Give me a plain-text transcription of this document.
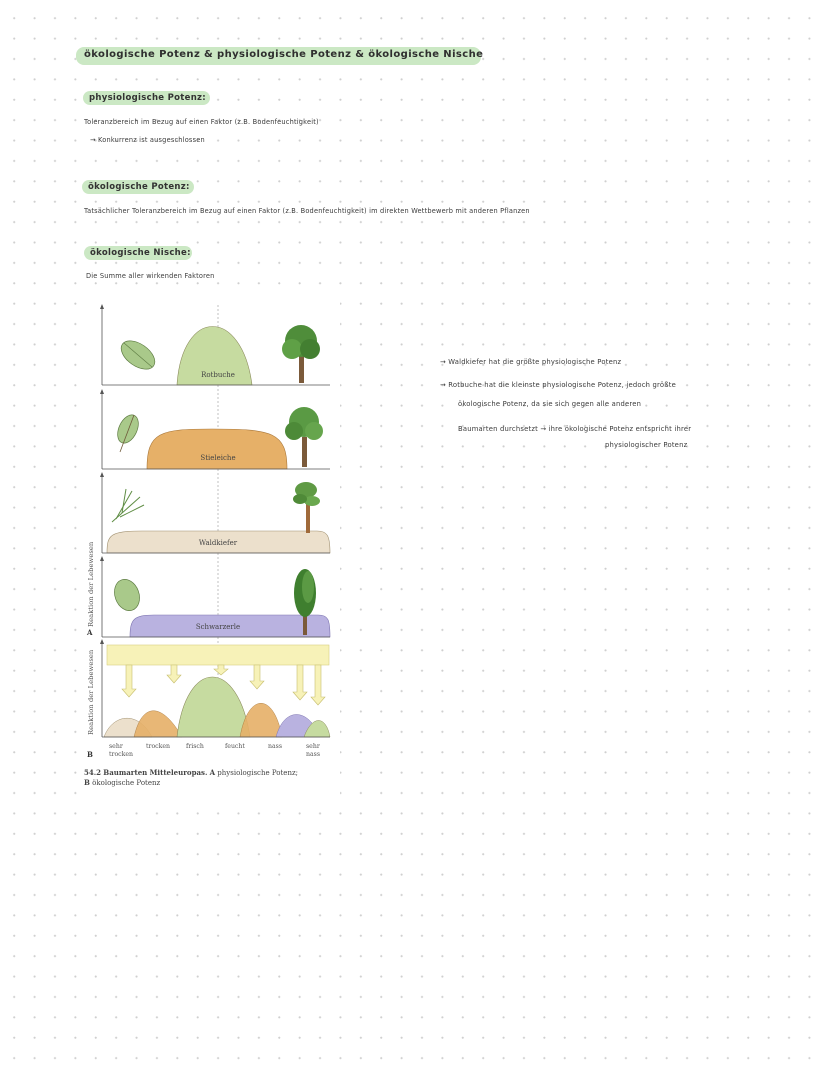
ökologische Potenz & physiologische Potenz & ökologische Nische
physiologische Potenz:
Toleranzbereich im Bezug auf einen Faktor (z.B. Bodenfeuchtigkeit)
→ Konkurrenz ist ausgeschlossen
ökologische Potenz:
Tatsächlicher Toleranzbereich im Bezug auf einen Faktor (z.B. Bodenfeuchtigkeit) im direkten Wettbewerb mit anderen Pflanzen
ökologische Nische:
Die Summe aller wirkenden Faktoren
→ Waldkiefer hat die größte physiologische Potenz
→ Rotbuche hat die kleinste physiologische Potenz, jedoch größte
ökologische Potenz, da sie sich gegen alle anderen
Baumarten durchsetzt → ihre ökologische Potenz entspricht ihrer
physiologischer Potenz
Rotbuche
Stieleiche
Waldkiefer
Schwarzerle
Reaktion der Lebewesen
A
Reaktion der Lebewesen
B
sehr trocken
trocken	frisch	feucht	nass	sehr nass
54.2 Baumarten Mitteleuropas. A physiologische Potenz;
B ökologische Potenz
